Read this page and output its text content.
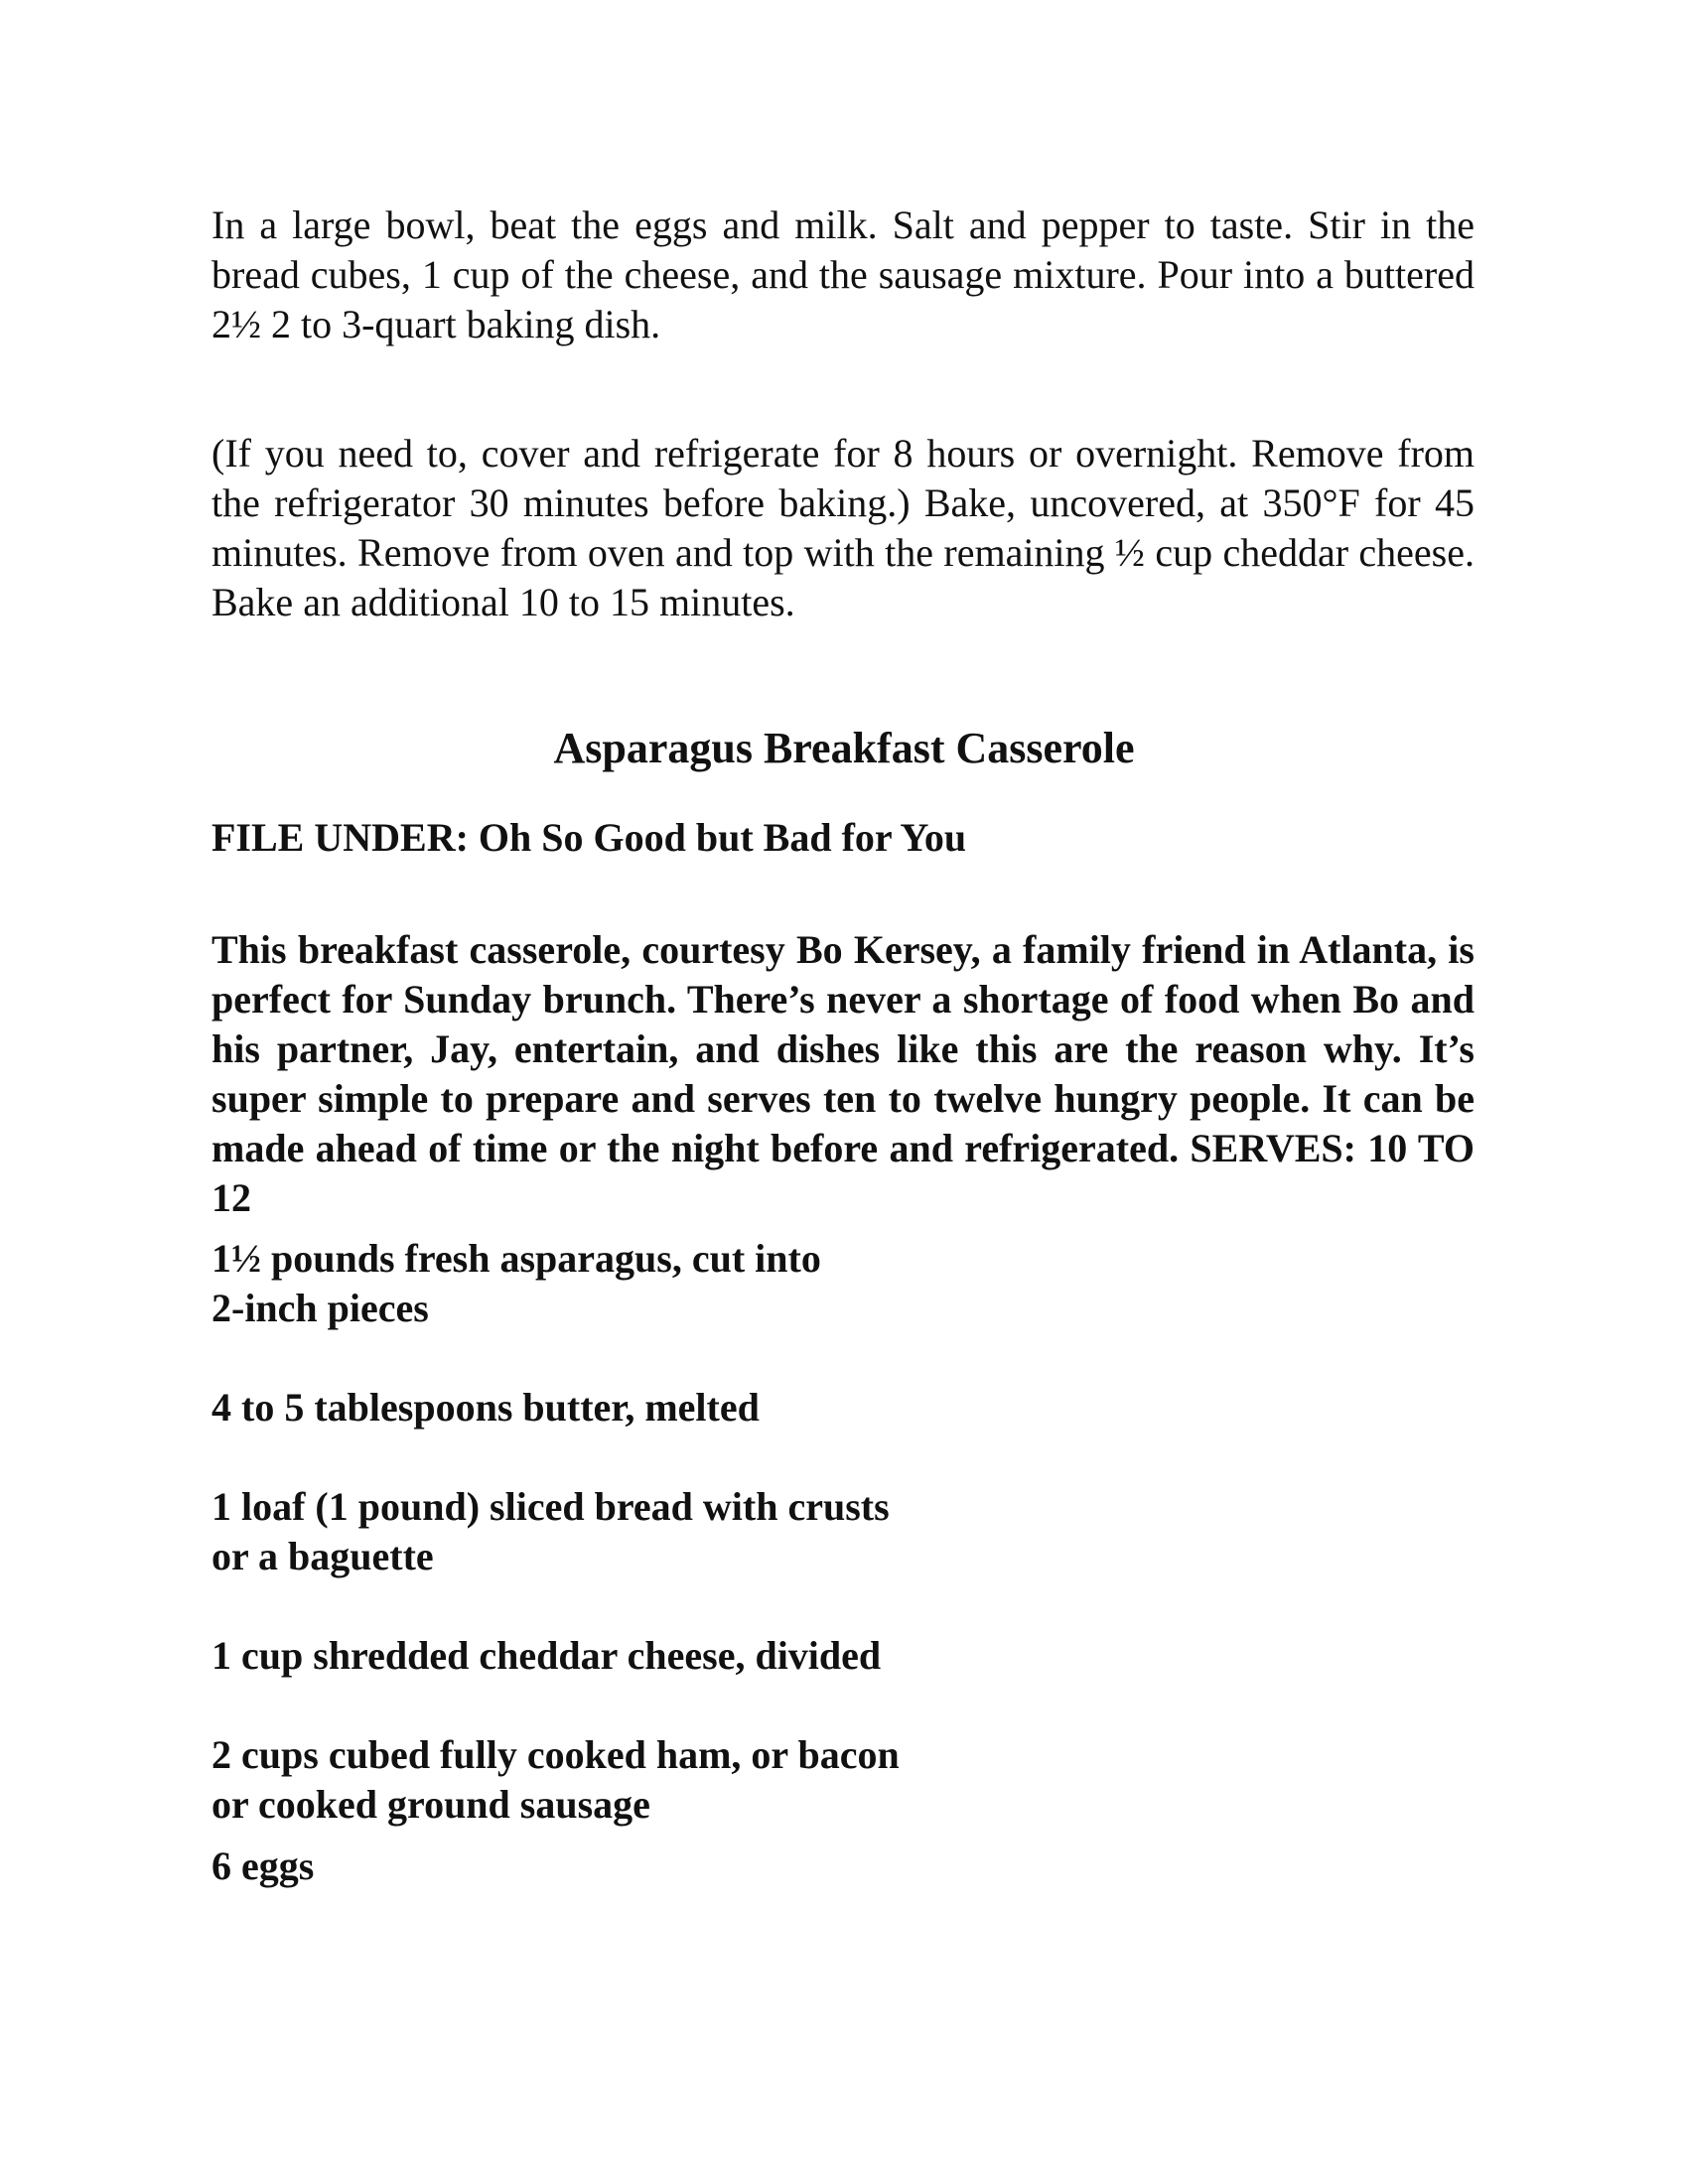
In a large bowl, beat the eggs and milk. Salt and pepper to taste. Stir in the bread cubes, 1 cup of the cheese, and the sausage mixture. Pour into a buttered 2½ 2 to 3-quart baking dish.

(If you need to, cover and refrigerate for 8 hours or overnight. Remove from the refrigerator 30 minutes before baking.) Bake, uncovered, at 350°F for 45 minutes. Remove from oven and top with the remaining ½ cup cheddar cheese. Bake an additional 10 to 15 minutes.

Asparagus Breakfast Casserole

FILE UNDER: Oh So Good but Bad for You

This breakfast casserole, courtesy Bo Kersey, a family friend in Atlanta, is perfect for Sunday brunch. There’s never a shortage of food when Bo and his partner, Jay, entertain, and dishes like this are the reason why. It’s super simple to prepare and serves ten to twelve hungry people. It can be made ahead of time or the night before and refrigerated. SERVES: 10 TO 12

1½ pounds fresh asparagus, cut into
2-inch pieces

4 to 5 tablespoons butter, melted

1 loaf (1 pound) sliced bread with crusts
or a baguette

1 cup shredded cheddar cheese, divided

2 cups cubed fully cooked ham, or bacon
or cooked ground sausage

6 eggs
